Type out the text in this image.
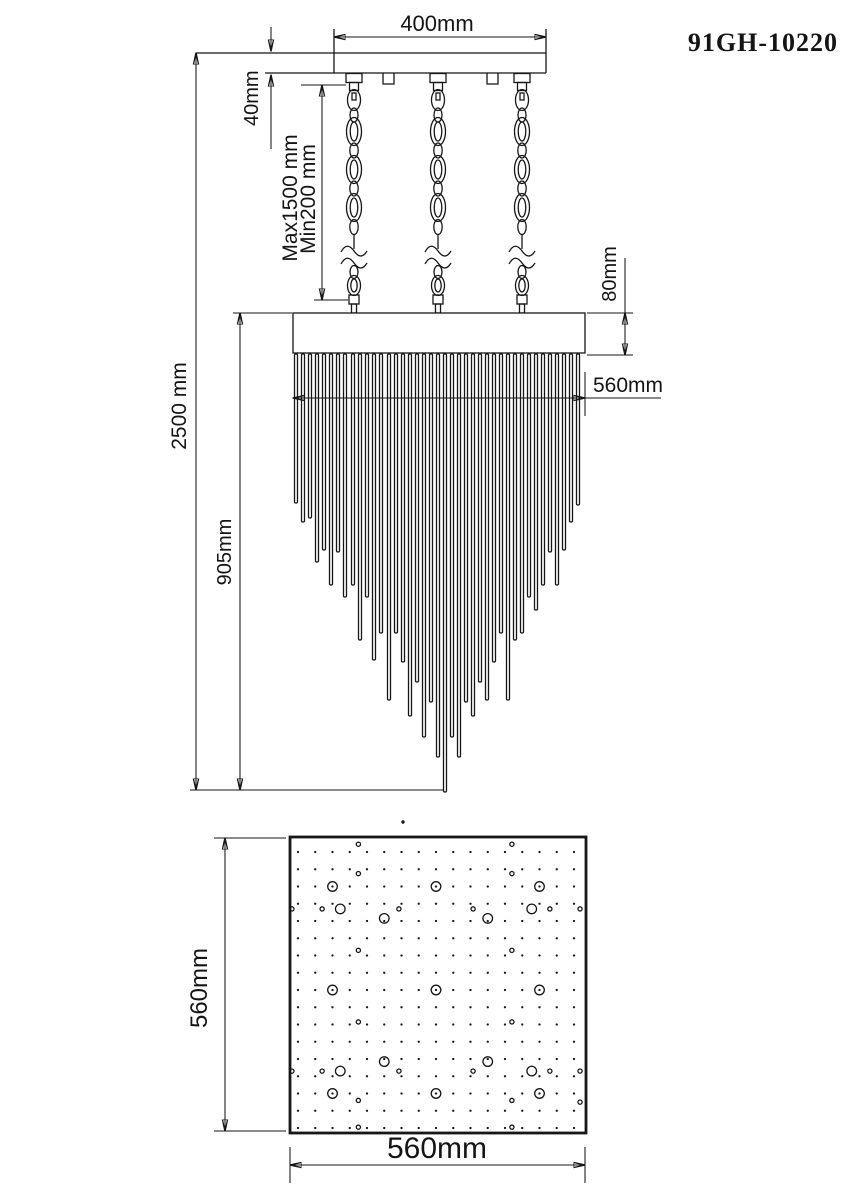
400mm
40mm
Max1500 mm
Min200 mm
560mm
80mm
2500 mm
905mm
560mm
560mm
91GH-10220
